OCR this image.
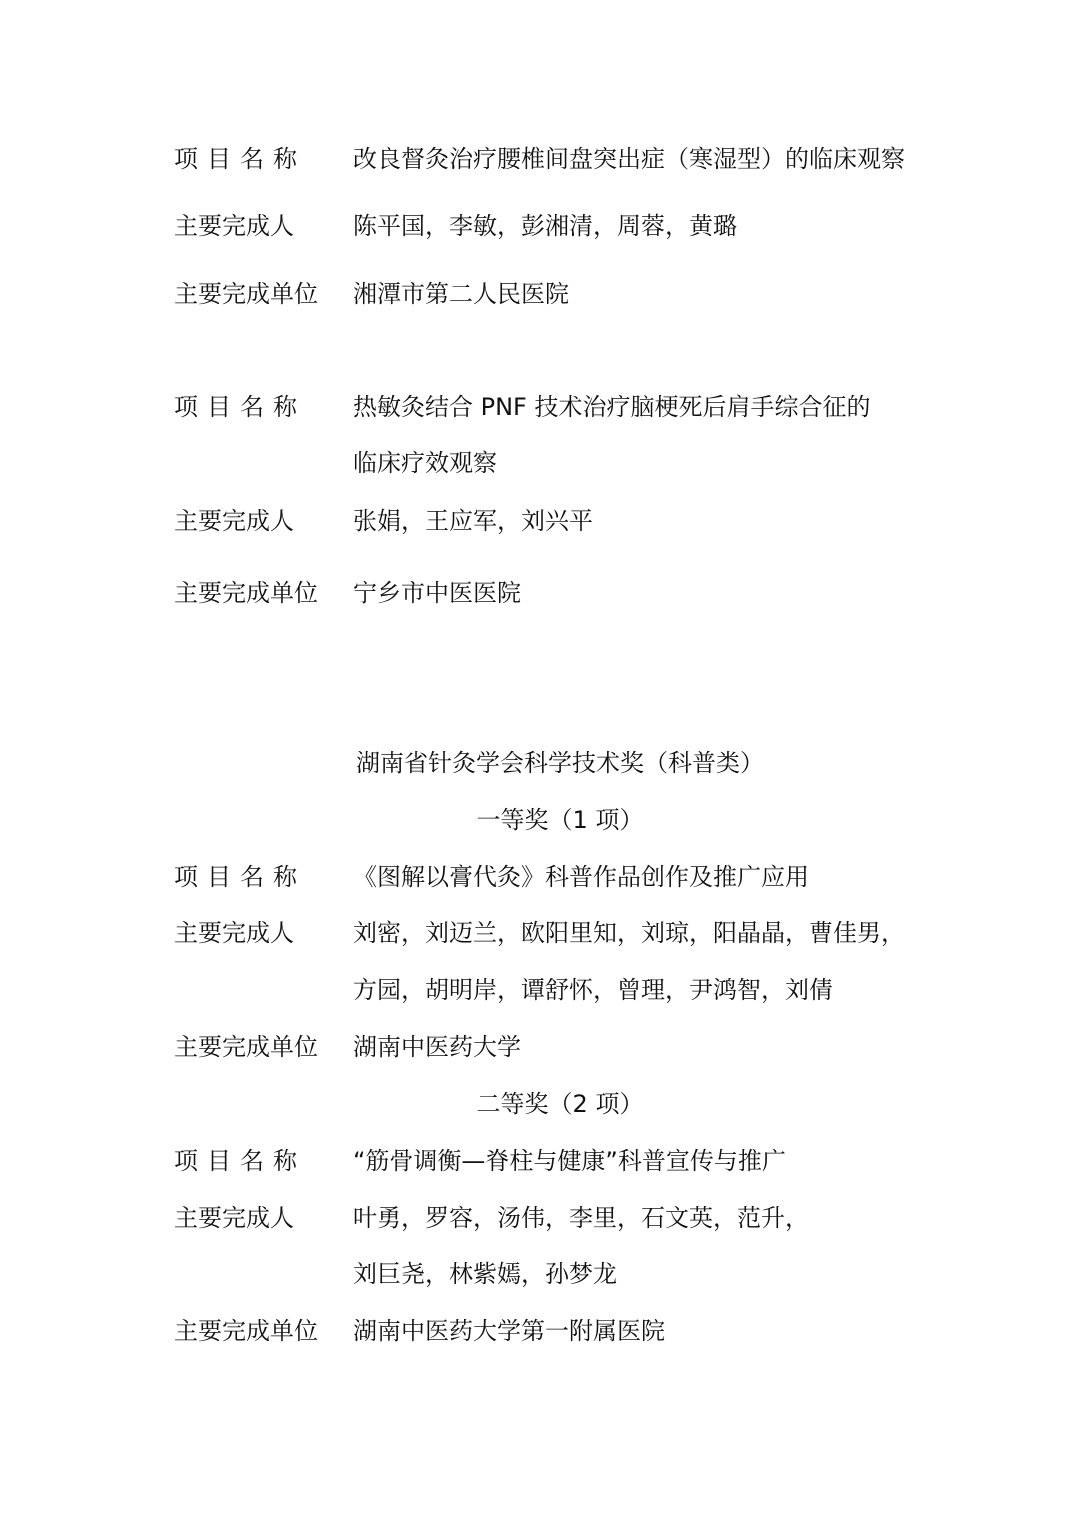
项目名称 改良督灸治疗腰椎间盘突出症（寒湿型）的临床观察
主要完成人 陈平国，李敏，彭湘清，周蓉，黄璐
主要完成单位 湘潭市第二人民医院
项目名称 热敏灸结合 PNF 技术治疗脑梗死后肩手综合征的
临床疗效观察
主要完成人 张娟，王应军，刘兴平
主要完成单位 宁乡市中医医院
湖南省针灸学会科学技术奖（科普类）
一等奖（1 项）
项目名称 《图解以膏代灸》科普作品创作及推广应用
主要完成人 刘密，刘迈兰，欧阳里知，刘琼，阳晶晶，曹佳男，
方园，胡明岸，谭舒怀，曾理，尹鸿智，刘倩
主要完成单位 湖南中医药大学
二等奖（2 项）
项目名称 “筋骨调衡—脊柱与健康”科普宣传与推广
主要完成人 叶勇，罗容，汤伟，李里，石文英，范升，
刘巨尧，林紫嫣，孙梦龙
主要完成单位 湖南中医药大学第一附属医院
